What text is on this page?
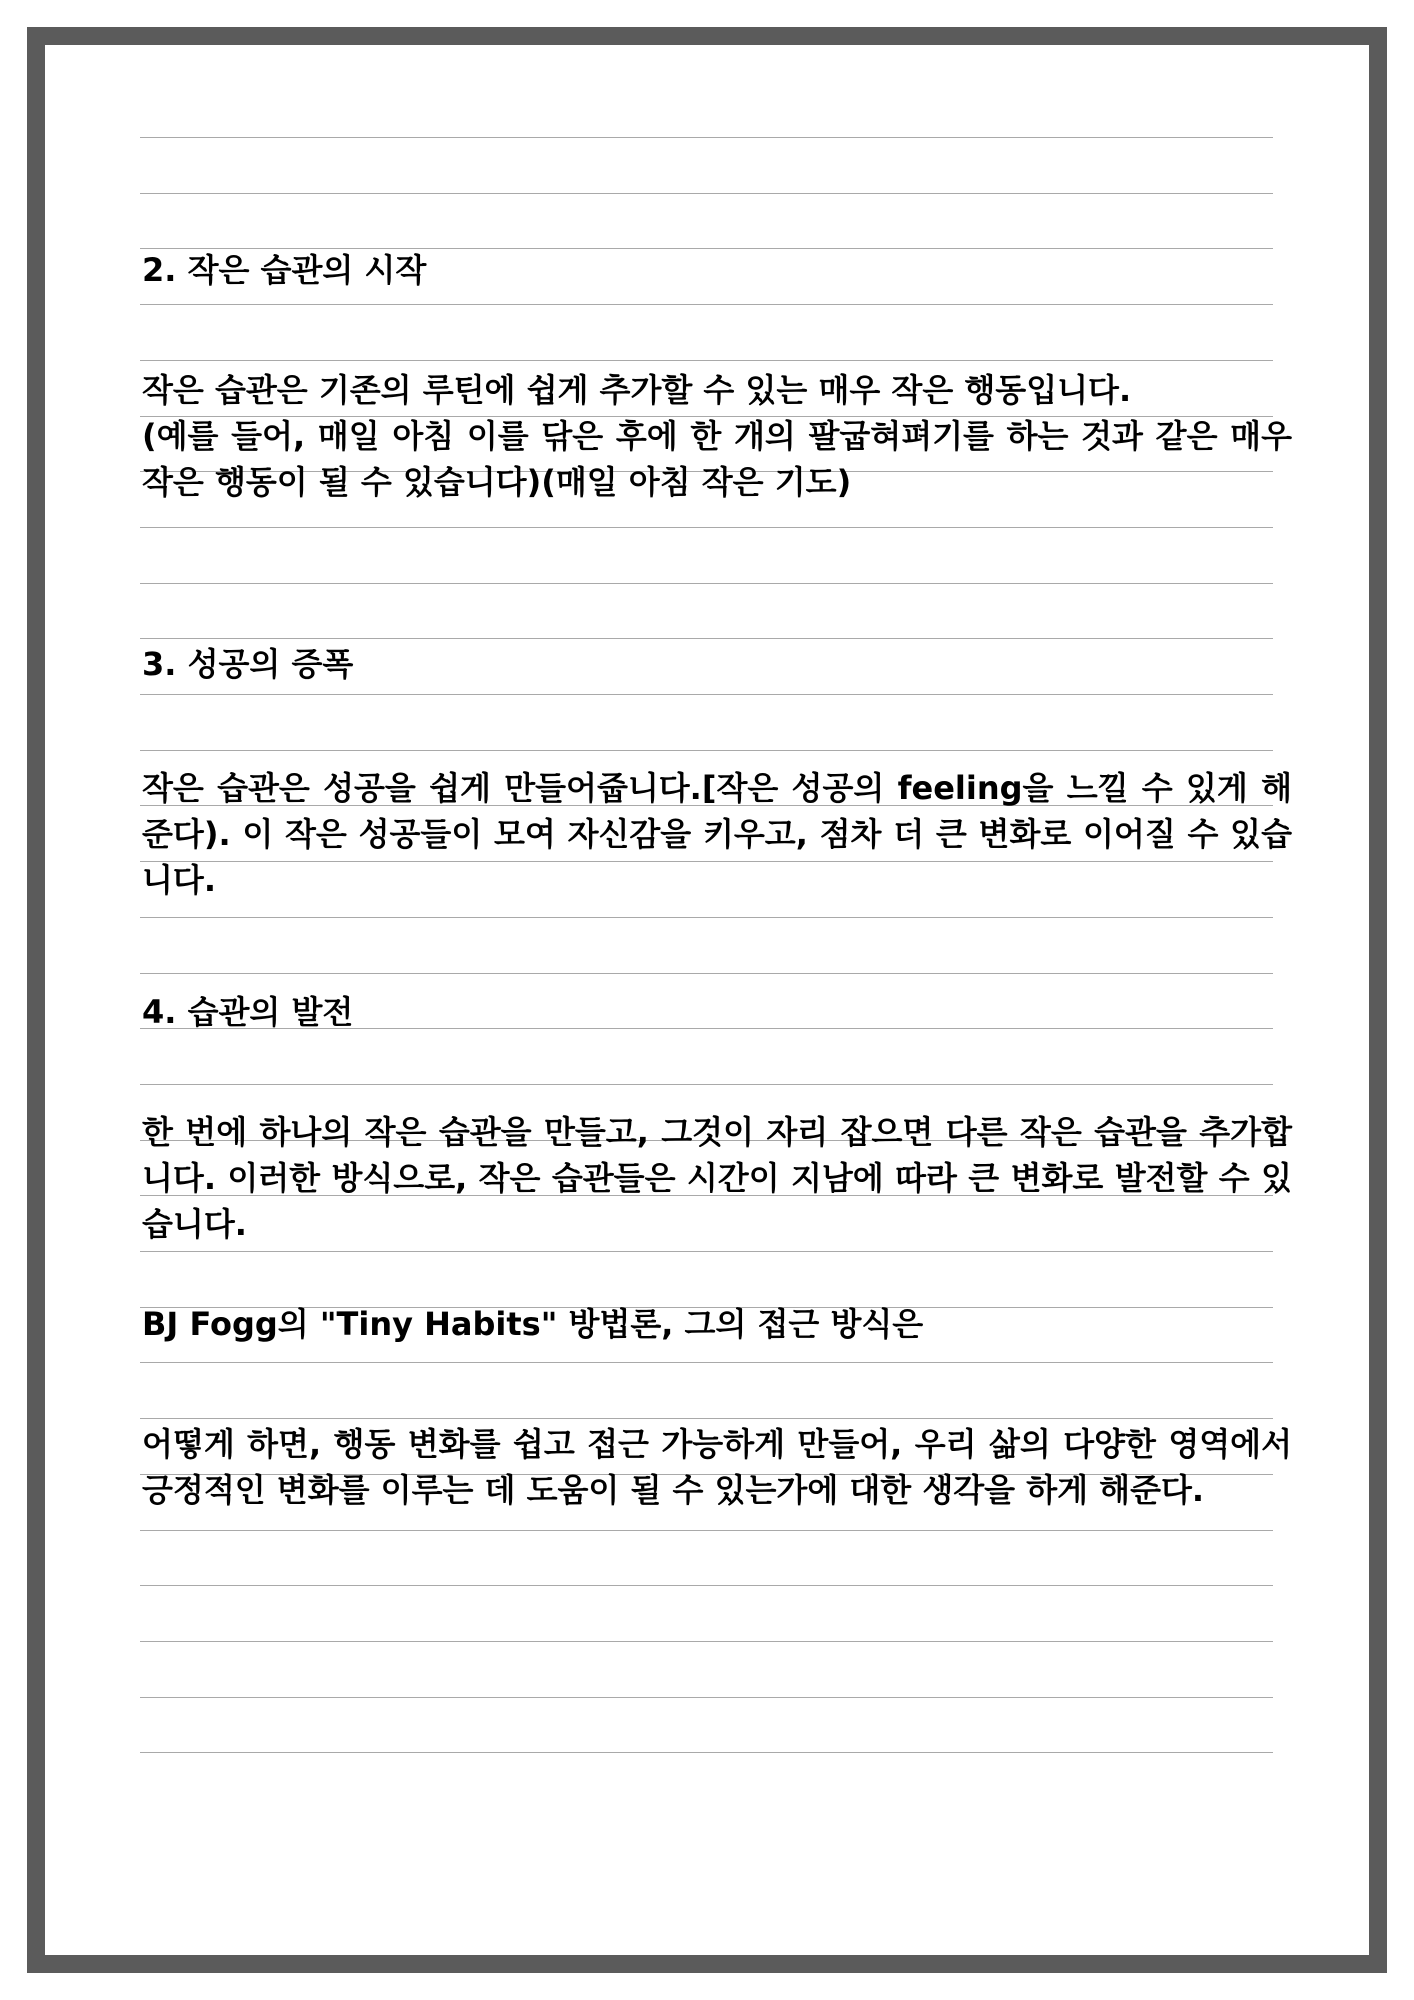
2. 작은 습관의 시작

작은 습관은 기존의 루틴에 쉽게 추가할 수 있는 매우 작은 행동입니다.
(예를 들어, 매일 아침 이를 닦은 후에 한 개의 팔굽혀펴기를 하는 것과 같은 매우 작은 행동이 될 수 있습니다)(매일 아침 작은 기도)

3. 성공의 증폭

작은 습관은 성공을 쉽게 만들어줍니다.[작은 성공의 feeling을 느낄 수 있게 해준다). 이 작은 성공들이 모여 자신감을 키우고, 점차 더 큰 변화로 이어질 수 있습니다.

4. 습관의 발전

한 번에 하나의 작은 습관을 만들고, 그것이 자리 잡으면 다른 작은 습관을 추가합니다. 이러한 방식으로, 작은 습관들은 시간이 지남에 따라 큰 변화로 발전할 수 있습니다.

BJ Fogg의 "Tiny Habits" 방법론, 그의 접근 방식은

어떻게 하면, 행동 변화를 쉽고 접근 가능하게 만들어, 우리 삶의 다양한 영역에서 긍정적인 변화를 이루는 데 도움이 될 수 있는가에 대한 생각을 하게 해준다.
